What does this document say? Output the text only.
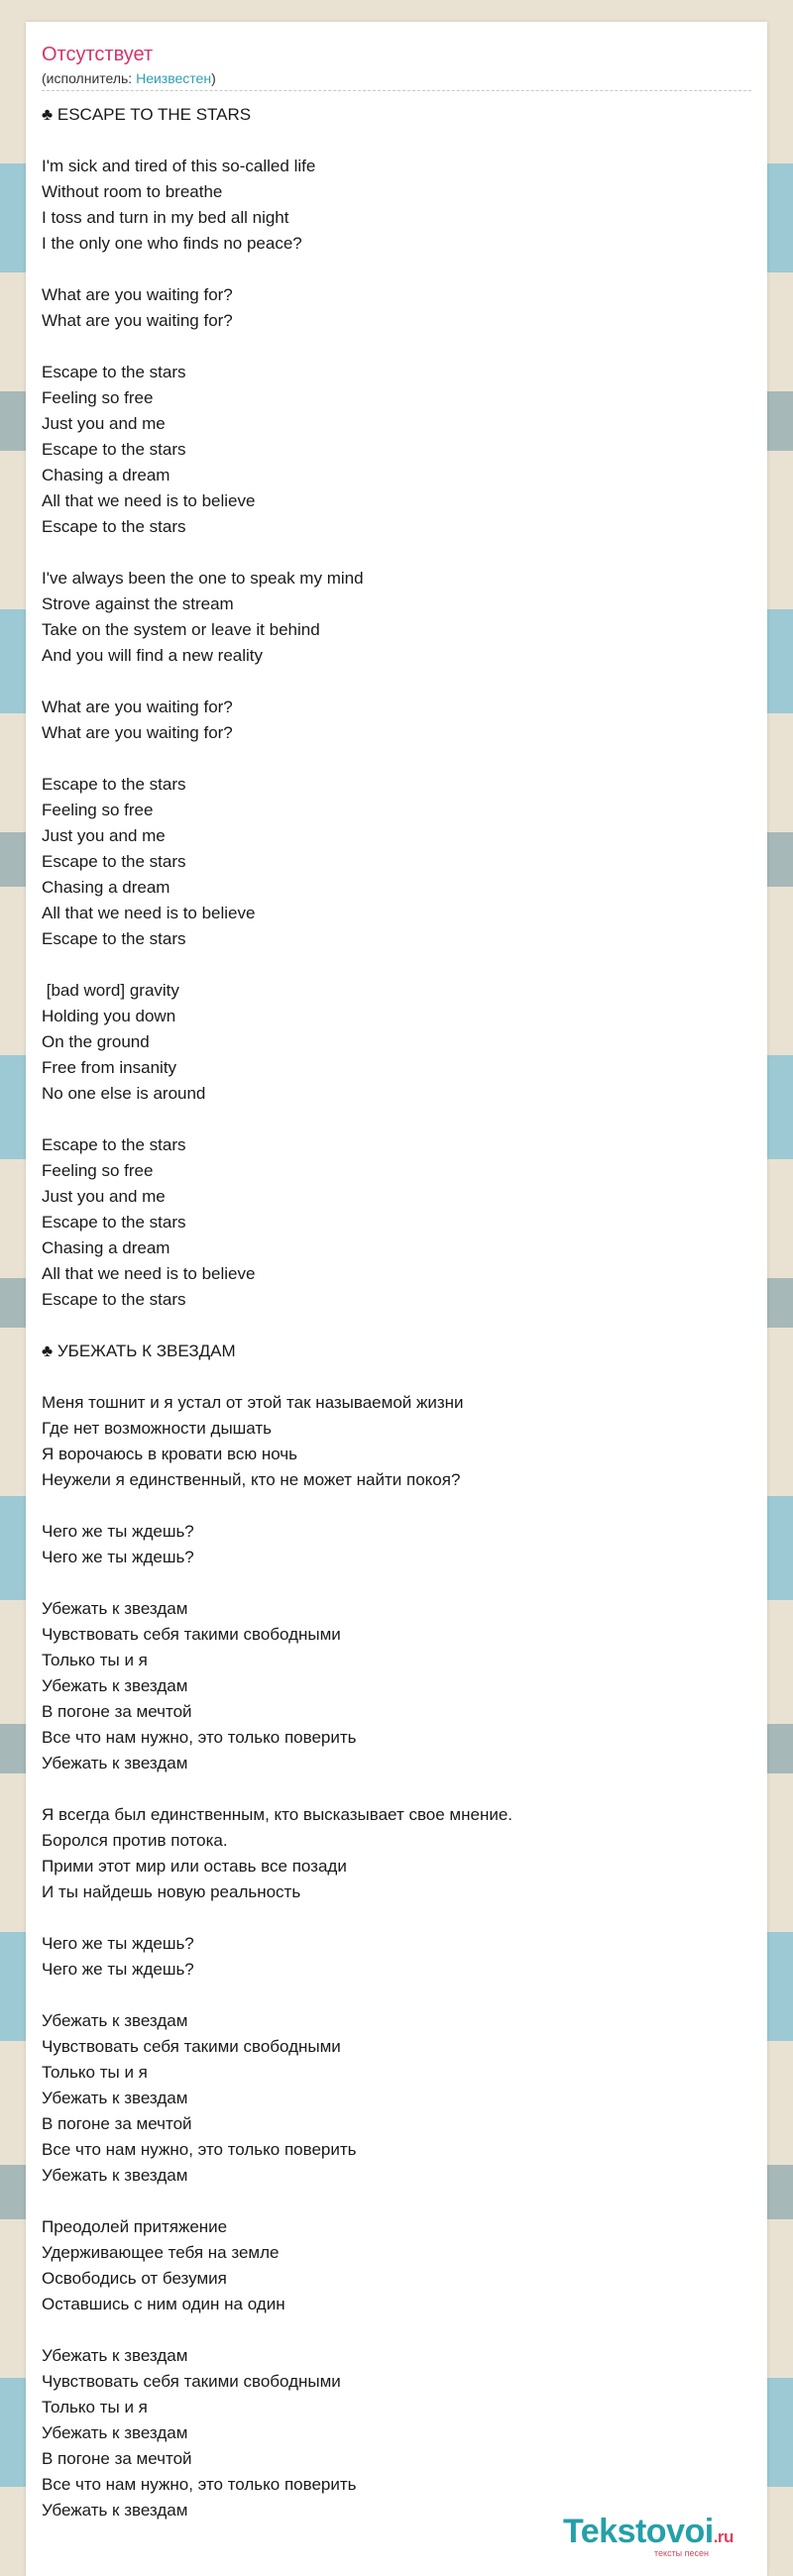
Отсутствует
(исполнитель: Неизвестен)
♣ ESCAPE TO THE STARS
I'm sick and tired of this so-called life
Without room to breathe
I toss and turn in my bed all night
I the only one who finds no peace?
What are you waiting for?
What are you waiting for?
Escape to the stars
Feeling so free
Just you and me
Escape to the stars
Chasing a dream
All that we need is to believe
Escape to the stars
I've always been the one to speak my mind
Strove against the stream
Take on the system or leave it behind
And you will find a new reality
What are you waiting for?
What are you waiting for?
Escape to the stars
Feeling so free
Just you and me
Escape to the stars
Chasing a dream
All that we need is to believe
Escape to the stars
[bad word] gravity
Holding you down
On the ground
Free from insanity
No one else is around
Escape to the stars
Feeling so free
Just you and me
Escape to the stars
Chasing a dream
All that we need is to believe
Escape to the stars
♣ УБЕЖАТЬ К ЗВЕЗДАМ
Меня тошнит и я устал от этой так называемой жизни
Где нет возможности дышать
Я ворочаюсь в кровати всю ночь
Неужели я единственный, кто не может найти покоя?
Чего же ты ждешь?
Чего же ты ждешь?
Убежать к звездам
Чувствовать себя такими свободными
Только ты и я
Убежать к звездам
В погоне за мечтой
Все что нам нужно, это только поверить
Убежать к звездам
Я всегда был единственным, кто высказывает свое мнение.
Боролся против потока.
Прими этот мир или оставь все позади
И ты найдешь новую реальность
Чего же ты ждешь?
Чего же ты ждешь?
Убежать к звездам
Чувствовать себя такими свободными
Только ты и я
Убежать к звездам
В погоне за мечтой
Все что нам нужно, это только поверить
Убежать к звездам
Преодолей притяжение
Удерживающее тебя на земле
Освободись от безумия
Оставшись с ним один на один
Убежать к звездам
Чувствовать себя такими свободными
Только ты и я
Убежать к звездам
В погоне за мечтой
Все что нам нужно, это только поверить
Убежать к звездам
Tekstovoi.ru
тексты песен
